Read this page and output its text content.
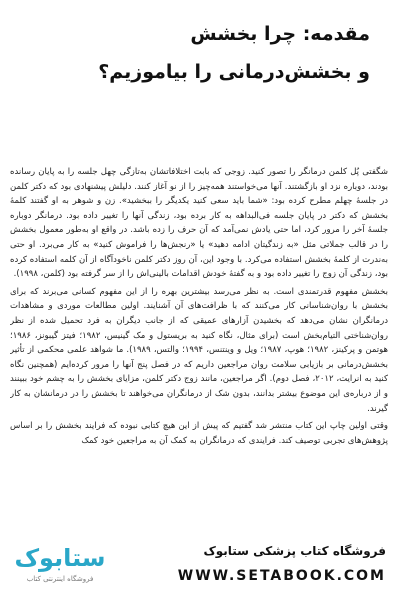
مقدمه: چرا بخشش
و بخشش‌درمانی را بیاموزیم؟

شگفتی پُل کلمن درمانگر را تصور کنید. زوجی که بابت اختلافاتشان به‌تازگی چهل جلسه را به پایان رسانده بودند، دوباره نزد او بازگشتند. آنها می‌خواستند همه‌چیز را از نو آغاز کنند. دلیلش پیشنهادی بود که دکتر کلمن در جلسهٔ چهلم مطرح کرده بود: «شما باید سعی کنید یکدیگر را ببخشید». زن و شوهر به او گفتند کلمهٔ بخشش که دکتر در پایان جلسه فی‌البداهه به کار برده بود، زندگی آنها را تغییر داده بود. درمانگر دوباره جلسهٔ آخر را مرور کرد، اما حتی یادش نمی‌آمد که آن حرف را زده باشد. در واقع او به‌طور معمول بخشش را در قالب جملاتی مثل «به زندگیتان ادامه دهید» یا «رنجش‌ها را فراموش کنید» به کار می‌برد. او حتی به‌ندرت از کلمهٔ بخشش استفاده می‌کرد. با وجود این، آن روز دکتر کلمن ناخودآگاه از آن کلمه استفاده کرده بود، زندگی آن زوج را تغییر داده بود و به گفتهٔ خودش اقدامات بالینی‌اش را از سر گرفته بود (کلمن، ۱۹۹۸).

بخشش مفهوم قدرتمندی است. به نظر می‌رسد بیشترین بهره را از این مفهوم کسانی می‌برند که برای بخشش با روان‌شناسانی کار می‌کنند که با ظرافت‌های آن آشنایند. اولین مطالعات موردی و مشاهدات درمانگران نشان می‌دهد که بخشیدن آزارهای عمیقی که از جانب دیگران به فرد تحمیل شده از نظر روان‌شناختی التیام‌بخش است (برای مثال، نگاه کنید به بریستول و مک گینیس، ۱۹۸۲؛ فیتز گیبونز، ۱۹۸۶؛ هوتمن و پرکینز، ۱۹۸۲؛ هوپ، ۱۹۸۷؛ ویل و وینتنس، ۱۹۹۴؛ والتس، ۱۹۸۹). ما شواهد علمی محکمی از تأثیر بخشش‌درمانی بر بازیابی سلامت روان مراجعین داریم که در فصل پنج آنها را مرور کرده‌ایم (همچنین نگاه کنید به انرایت، ۲۰۱۲، فصل دوم). اگر مراجعین، مانند زوج دکتر کلمن، مزایای بخشش را به چشم خود ببینند و از درباره‌ی این موضوع بیشتر بدانند، بدون شک از درمانگران می‌خواهند تا بخشش را در درمانشان به کار گیرند.

وقتی اولین چاپ این کتاب منتشر شد گفتیم که پیش از این هیچ کتابی نبوده که فرایند بخشش را بر اساس پژوهش‌های تجربی توصیف کند. فرایندی که درمانگران به کمک آن به مراجعین خود کمک

ستابوک
فروشگاه اینترنتی کتاب
فروشگاه کتاب پزشکی ستابوک
WWW.SETABOOK.COM
